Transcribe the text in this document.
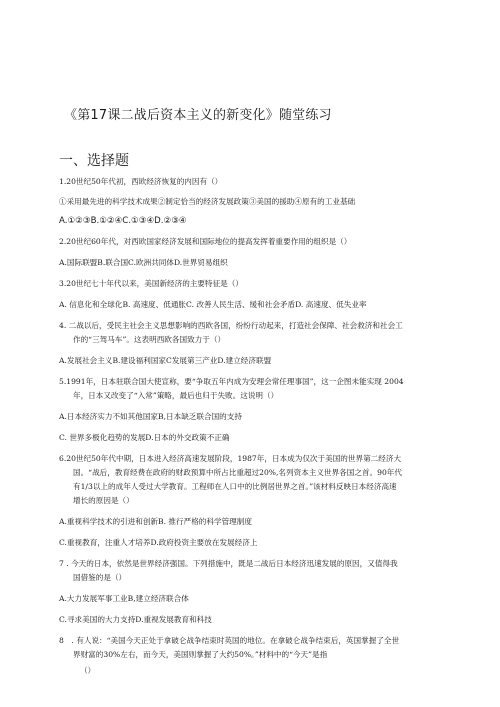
《第17课二战后资本主义的新变化》随堂练习
一、选择题
1.20世纪50年代初，西欧经济恢复的内因有（）
①采用最先进的科学技术成果②制定恰当的经济发展政策③美国的援助④原有的工业基础
A.①②③B.①②④C.①③④D.②③④
2.20世纪60年代，对西欧国家经济发展和国际地位的提高发挥着重要作用的组织是（）
A.国际联盟B.联合国C.欧洲共同体D.世界贸易组织
3.20世纪七十年代以来，美国新经济的主要特征是（）
A. 信息化和全球化B. 高速度、低通胀C. 改善人民生活、缓和社会矛盾D. 高速度、低失业率
4. 二战以后，受民主社会主义思想影响的西欧各国，纷纷行动起来，打造社会保障、社会救济和社会工
作的“三驾马车”。这表明西欧各国致力于（）
A.发展社会主义B.建设福利国家C发展第三产业D.建立经济联盟
5.1991年，日本驻联合国大使宣称，要“争取五年内成为安理会常任理事国”，这一企图未能实现 2004
年，日本又改变了“入常”策略，最后也归于失败。这说明（）
A.日本经济实力不如其他国家B,日本缺乏联合国的支持
C. 世界多极化趋势的发展D.日本的外交政策不正确
6.20世纪50年代中期，日本进入经济高速发展阶段，1987年，日本成为仅次于美国的世界第二经济大
国。“战后，教育经费在政府的财政预算中所占比重超过20%,名列资本主义世界各国之首。90年代
有1/3以上的成年人受过大学教育。工程师在人口中的比例居世界之首。”该材料反映日本经济高速
增长的原因是（）
A.重视科学技术的引进和创新B. 推行严格的科学管理制度
C.重视教育，注重人才培养D.政府投资主要放在发展经济上
7 . 今天的日本，依然是世界经济强国。下列措施中，既是二战后日本经济迅速发展的原因，又值得我
国借鉴的是（）
A.大力发展军事工业B,建立经济联合体
C.寻求美国的大力支持D.重视发展教育和科技
8　. 有人说：“美国今天正处于拿破仑战争结束时英国的地位。在拿破仑战争结束后，英国掌握了全世
界财富的30%左右，而今天，美国则掌握了大约50%。”材料中的“今天”是指
（）
